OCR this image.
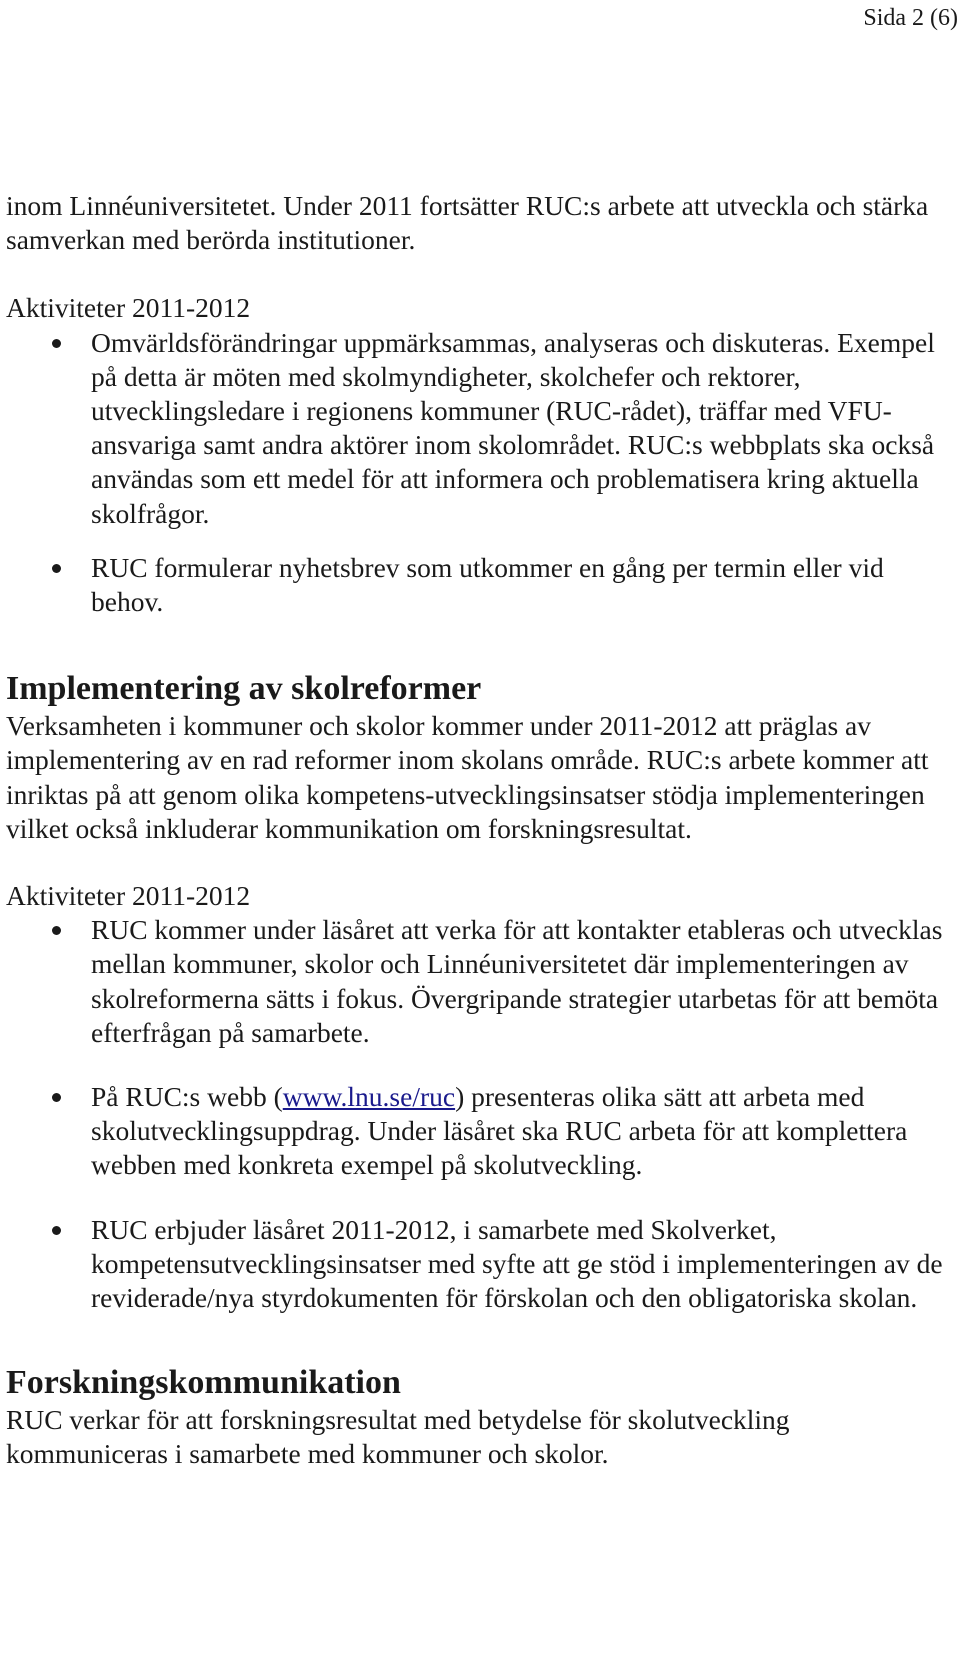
Sida 2 (6)

inom Linnéuniversitetet. Under 2011 fortsätter RUC:s arbete att utveckla och stärka samverkan med berörda institutioner.

Aktiviteter 2011-2012
Omvärldsförändringar uppmärksammas, analyseras och diskuteras. Exempel på detta är möten med skolmyndigheter, skolchefer och rektorer, utvecklingsledare i regionens kommuner (RUC-rådet), träffar med VFU-ansvariga samt andra aktörer inom skolområdet. RUC:s webbplats ska också användas som ett medel för att informera och problematisera kring aktuella skolfrågor.
RUC formulerar nyhetsbrev som utkommer en gång per termin eller vid behov.
Implementering av skolreformer

Verksamheten i kommuner och skolor kommer under 2011-2012 att präglas av implementering av en rad reformer inom skolans område. RUC:s arbete kommer att inriktas på att genom olika kompetens-utvecklingsinsatser stödja implementeringen vilket också inkluderar kommunikation om forskningsresultat.

Aktiviteter 2011-2012
RUC kommer under läsåret att verka för att kontakter etableras och utvecklas mellan kommuner, skolor och Linnéuniversitetet där implementeringen av skolreformerna sätts i fokus. Övergripande strategier utarbetas för att bemöta efterfrågan på samarbete.
På RUC:s webb (www.lnu.se/ruc) presenteras olika sätt att arbeta med skolutvecklingsuppdrag. Under läsåret ska RUC arbeta för att komplettera webben med konkreta exempel på skolutveckling.
RUC erbjuder läsåret 2011-2012, i samarbete med Skolverket, kompetensutvecklingsinsatser med syfte att ge stöd i implementeringen av de reviderade/nya styrdokumenten för förskolan och den obligatoriska skolan.
Forskningskommunikation

RUC verkar för att forskningsresultat med betydelse för skolutveckling kommuniceras i samarbete med kommuner och skolor.
